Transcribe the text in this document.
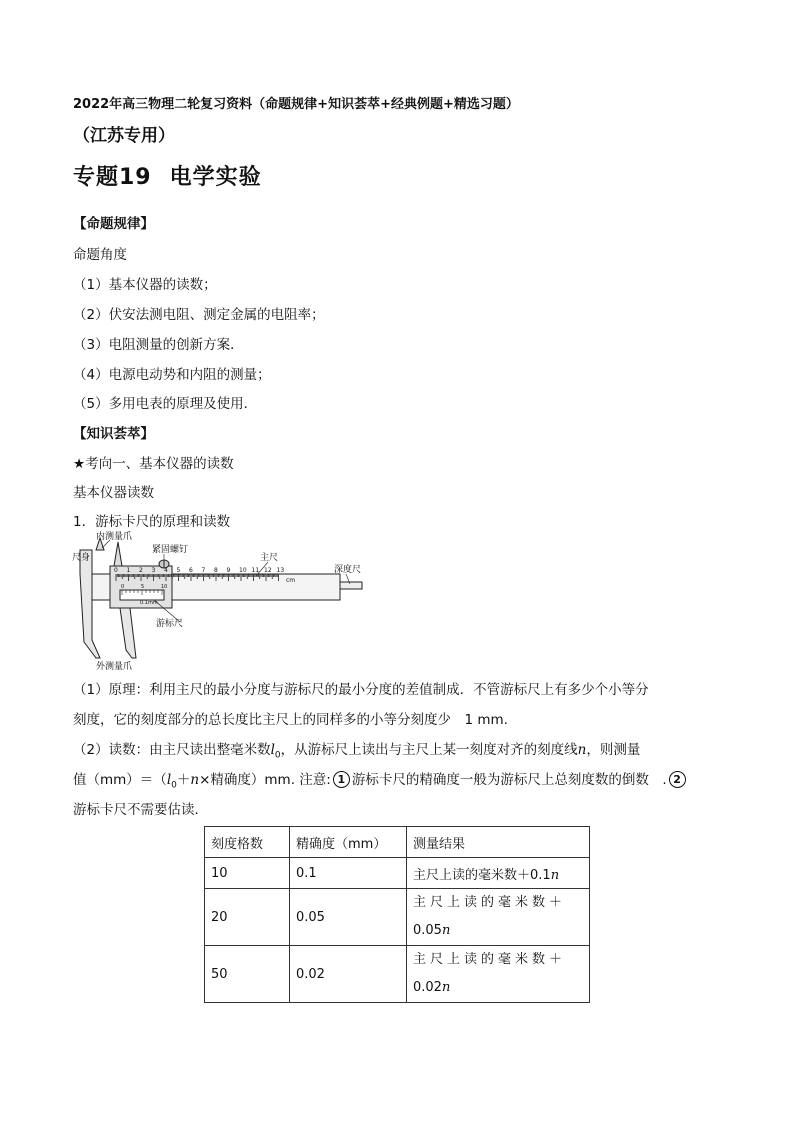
2022年高三物理二轮复习资料（命题规律+知识荟萃+经典例题+精选习题）
（江苏专用）
专题19 电学实验
【命题规律】
命题角度
（1）基本仪器的读数；
（2）伏安法测电阻、测定金属的电阻率；
（3）电阻测量的创新方案．
（4）电源电动势和内阻的测量；
（5）多用电表的原理及使用．
【知识荟萃】
★考向一、基本仪器的读数
基本仪器读数
1．游标卡尺的原理和读数
0 1 2 3 4 5 6 7 8 9 10 11 12 13
0	5	10
尺身
内测量爪
紧固螺钉
主尺
深度尺
游标尺
外测量爪
cm
0.1mm
（1）原理：利用主尺的最小分度与游标尺的最小分度的差值制成．不管游标尺上有多少个小等分
刻度，它的刻度部分的总长度比主尺上的同样多的小等分刻度少　1 mm.
（2）读数：由主尺读出整毫米数$l_0$，从游标尺上读出与主尺上某一刻度对齐的刻度线n，则测量
值$(mm)=(l_0+n\times$精确度）mm. 注意: 1 游标卡尺的精确度一般为游标尺上总刻度数的倒数　. 2
游标卡尺不需要估读．
刻度格数	精确度（mm）	测量结果
10	0.1	主尺上读的毫米数＋0.1n
20	0.05	主尺上读的毫米数＋
0.05n
50	0.02	主尺上读的毫米数＋
0.02n
